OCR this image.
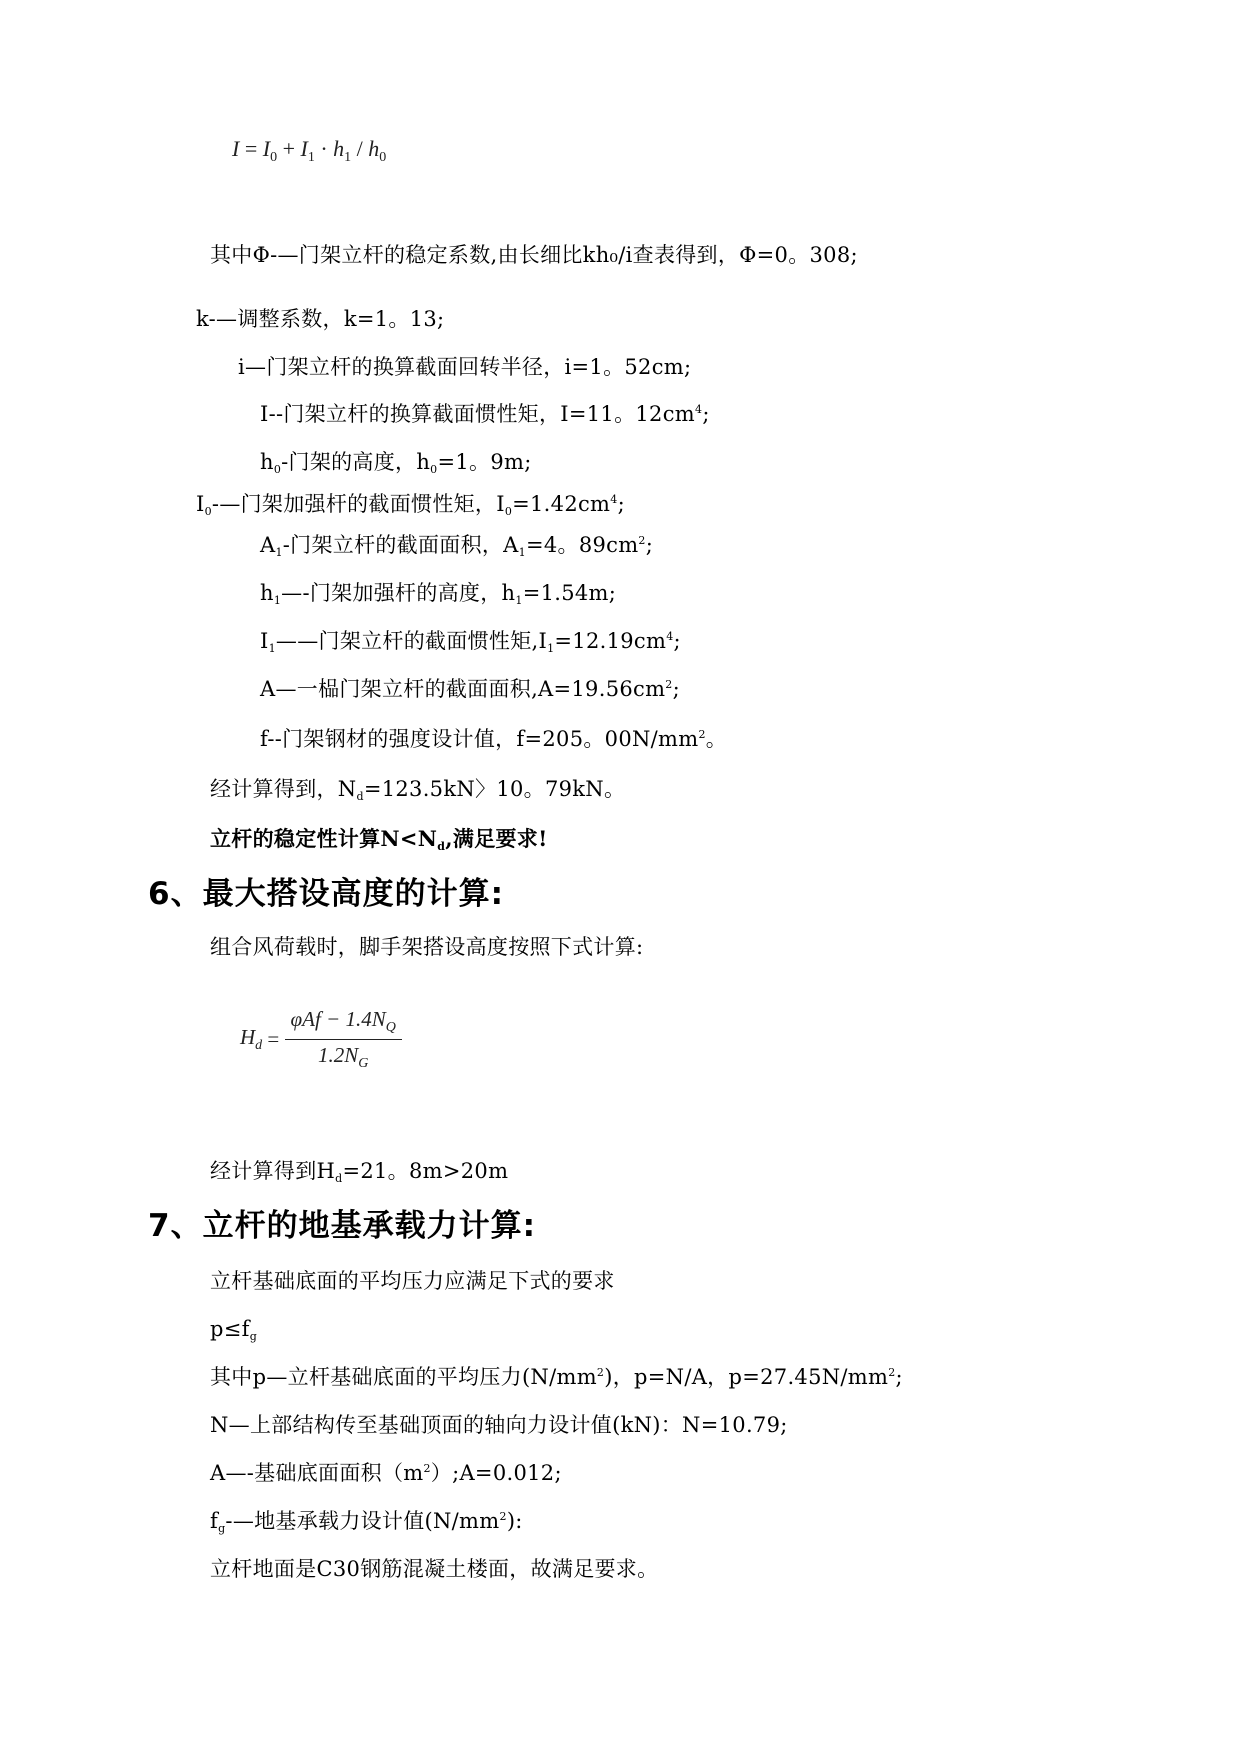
$I = I_0 + I_1 \cdot h_1 / h_0$
其中Φ-—门架立杆的稳定系数,由长细比kh₀/i查表得到，Φ=0。308;
k-—调整系数，k=1。13;
i—门架立杆的换算截面回转半径，i=1。52cm;
I--门架立杆的换算截面惯性矩，I=11。$12cm^4$;
$h_0-$门架的高度，$h_0=1$。9m;
$I_0-—$门架加强杆的截面惯性矩，$I_0=1.42cm^4$;
$A_1-$门架立杆的截面面积，$A_1=4$。$89cm^2$;
$h_1—-$门架加强杆的高度，$h_1=1.54m$;
$I_1——$门架立杆的截面惯性矩$,I_1=12.19cm^4$;
A—一榀门架立杆的截面面积$,A=19.56cm^2$;
f--门架钢材的强度设计值，f=205。$00N/mm^2$。
经计算得到，$N_d=123.5kN$〉10。79kN。
立杆的稳定性计算$N<N_d$,满足要求!
6、最大搭设高度的计算:
组合风荷载时，脚手架搭设高度按照下式计算:
$H_d = \frac{\varphi Af - 1.4N_Q}{1.2N_G}$
经计算得到$H_d=21$。8m>20m
7、立杆的地基承载力计算:
立杆基础底面的平均压力应满足下式的要求
$p\le f_g$
其中p—立杆基础底面的平均压力$(N/mm^2)$，p=N/A，$p=27.45N/mm^2$;
N—上部结构传至基础顶面的轴向力设计值(kN)：N=10.79;
A—-基础底面面积$(m^2);A=0.012$;
$f_g-—$地基承载力设计值$(N/mm^2)$:
立杆地面是C30钢筋混凝土楼面，故满足要求。
